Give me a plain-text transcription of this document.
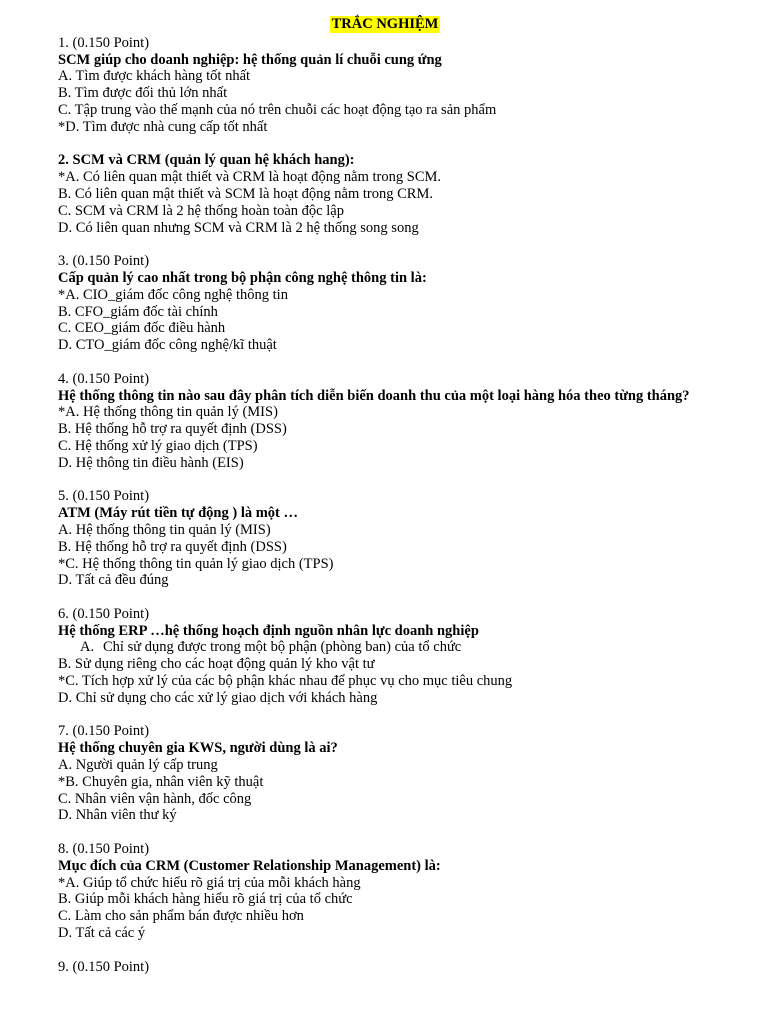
TRẮC NGHIỆM
1. (0.150 Point)
SCM giúp cho doanh nghiệp: hệ thống quản lí chuỗi cung ứng
A. Tìm được khách hàng tốt nhất
B. Tìm được đối thủ lớn nhất
C. Tập trung vào thế mạnh của nó trên chuỗi các hoạt động tạo ra sản phẩm
*D. Tìm được nhà cung cấp tốt nhất
2. SCM và CRM (quản lý quan hệ khách hang):
*A. Có liên quan mật thiết và CRM là hoạt động nằm trong SCM.
B. Có liên quan mật thiết và SCM là hoạt động nằm trong CRM.
C. SCM và CRM là 2 hệ thống hoàn toàn độc lập
D. Có liên quan nhưng SCM và CRM là 2 hệ thống song song
3. (0.150 Point)
Cấp quản lý cao nhất trong bộ phận công nghệ thông tin là:
*A. CIO_giám đốc công nghệ thông tin
B. CFO_giám đốc tài chính
C. CEO_giám đốc điều hành
D. CTO_giám đốc công nghệ/kĩ thuật
4. (0.150 Point)
Hệ thống thông tin nào sau đây phân tích diễn biến doanh thu của một loại hàng hóa theo từng tháng?
*A. Hệ thống thông tin quản lý (MIS)
B. Hệ thống hỗ trợ ra quyết định (DSS)
C. Hệ thống xử lý giao dịch (TPS)
D. Hệ thông tin điều hành (EIS)
5. (0.150 Point)
ATM (Máy rút tiền tự động ) là một …
A. Hệ thống thông tin quản lý (MIS)
B. Hệ thống hỗ trợ ra quyết định (DSS)
*C. Hệ thống thông tin quản lý giao dịch (TPS)
D. Tất cả đều đúng
6. (0.150 Point)
Hệ thống ERP …hệ thống hoạch định nguồn nhân lực doanh nghiệp
A. Chỉ sử dụng được trong một bộ phận (phòng ban) của tổ chức
B. Sử dụng riêng cho các hoạt động quản lý kho vật tư
*C. Tích hợp xử lý của các bộ phận khác nhau để phục vụ cho mục tiêu chung
D. Chỉ sử dụng cho các xử lý giao dịch với khách hàng
7. (0.150 Point)
Hệ thống chuyên gia KWS, người dùng là ai?
A. Người quản lý cấp trung
*B. Chuyên gia, nhân viên kỹ thuật
C. Nhân viên vận hành, đốc công
D. Nhân viên thư ký
8. (0.150 Point)
Mục đích của CRM (Customer Relationship Management) là:
*A. Giúp tổ chức hiểu rõ giá trị của mỗi khách hàng
B. Giúp mỗi khách hàng hiểu rõ giá trị của tổ chức
C. Làm cho sản phẩm bán được nhiều hơn
D. Tất cả các ý
9. (0.150 Point)
